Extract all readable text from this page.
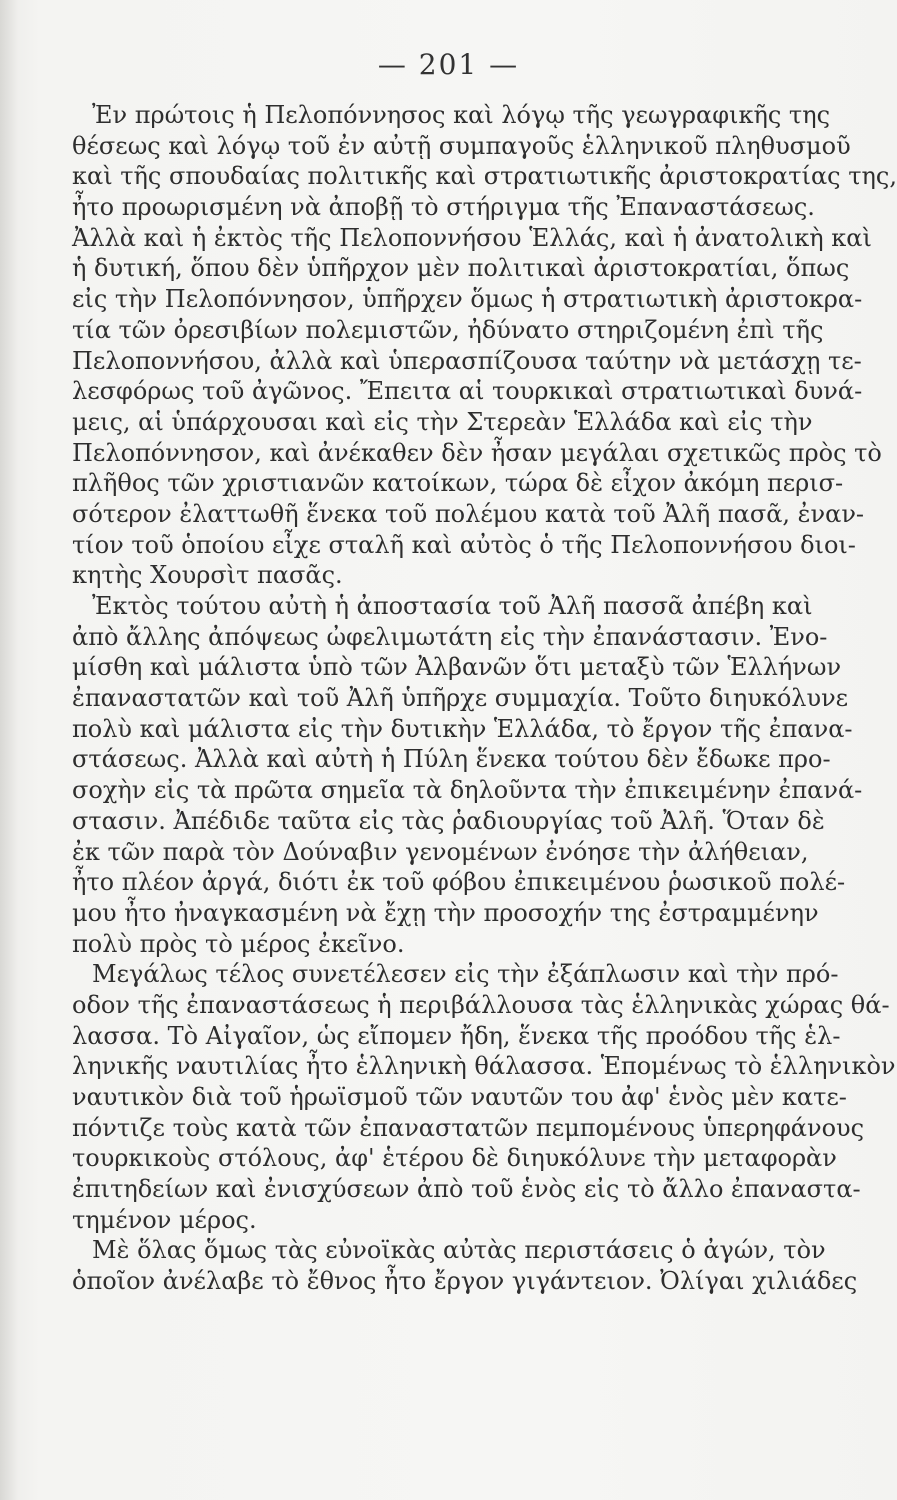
— 201 —
Ἐν πρώτοις ἡ Πελοπόννησος καὶ λόγῳ τῆς γεωγραφικῆς της
θέσεως καὶ λόγῳ τοῦ ἐν αὐτῇ συμπαγοῦς ἑλληνικοῦ πληθυσμοῦ
καὶ τῆς σπουδαίας πολιτικῆς καὶ στρατιωτικῆς ἀριστοκρατίας της,
ἦτο προωρισμένη νὰ ἀποβῇ τὸ στήριγμα τῆς Ἐπαναστάσεως.
Ἀλλὰ καὶ ἡ ἐκτὸς τῆς Πελοποννήσου Ἑλλάς, καὶ ἡ ἀνατολικὴ καὶ
ἡ δυτική, ὅπου δὲν ὑπῆρχον μὲν πολιτικαὶ ἀριστοκρατίαι, ὅπως
εἰς τὴν Πελοπόννησον, ὑπῆρχεν ὅμως ἡ στρατιωτικὴ ἀριστοκρα-
τία τῶν ὀρεσιβίων πολεμιστῶν, ἠδύνατο στηριζομένη ἐπὶ τῆς
Πελοποννήσου, ἀλλὰ καὶ ὑπερασπίζουσα ταύτην νὰ μετάσχῃ τε-
λεσφόρως τοῦ ἀγῶνος. Ἔπειτα αἱ τουρκικαὶ στρατιωτικαὶ δυνά-
μεις, αἱ ὑπάρχουσαι καὶ εἰς τὴν Στερεὰν Ἑλλάδα καὶ εἰς τὴν
Πελοπόννησον, καὶ ἀνέκαθεν δὲν ἦσαν μεγάλαι σχετικῶς πρὸς τὸ
πλῆθος τῶν χριστιανῶν κατοίκων, τώρα δὲ εἶχον ἀκόμη περισ-
σότερον ἐλαττωθῆ ἕνεκα τοῦ πολέμου κατὰ τοῦ Ἀλῆ πασᾶ, ἐναν-
τίον τοῦ ὁποίου εἶχε σταλῆ καὶ αὐτὸς ὁ τῆς Πελοποννήσου διοι-
κητὴς Χουρσὶτ πασᾶς.
Ἐκτὸς τούτου αὐτὴ ἡ ἀποστασία τοῦ Ἀλῆ πασσᾶ ἀπέβη καὶ
ἀπὸ ἄλλης ἀπόψεως ὠφελιμωτάτη εἰς τὴν ἐπανάστασιν. Ἐνο-
μίσθη καὶ μάλιστα ὑπὸ τῶν Ἀλβανῶν ὅτι μεταξὺ τῶν Ἑλλήνων
ἐπαναστατῶν καὶ τοῦ Ἀλῆ ὑπῆρχε συμμαχία. Τοῦτο διηυκόλυνε
πολὺ καὶ μάλιστα εἰς τὴν δυτικὴν Ἑλλάδα, τὸ ἔργον τῆς ἐπανα-
στάσεως. Ἀλλὰ καὶ αὐτὴ ἡ Πύλη ἕνεκα τούτου δὲν ἔδωκε προ-
σοχὴν εἰς τὰ πρῶτα σημεῖα τὰ δηλοῦντα τὴν ἐπικειμένην ἐπανά-
στασιν. Ἀπέδιδε ταῦτα εἰς τὰς ῥαδιουργίας τοῦ Ἀλῆ. Ὅταν δὲ
ἐκ τῶν παρὰ τὸν Δούναβιν γενομένων ἐνόησε τὴν ἀλήθειαν,
ἦτο πλέον ἀργά, διότι ἐκ τοῦ φόβου ἐπικειμένου ῥωσικοῦ πολέ-
μου ἦτο ἠναγκασμένη νὰ ἔχῃ τὴν προσοχήν της ἐστραμμένην
πολὺ πρὸς τὸ μέρος ἐκεῖνο.
Μεγάλως τέλος συνετέλεσεν εἰς τὴν ἐξάπλωσιν καὶ τὴν πρό-
οδον τῆς ἐπαναστάσεως ἡ περιβάλλουσα τὰς ἑλληνικὰς χώρας θά-
λασσα. Τὸ Αἰγαῖον, ὡς εἴπομεν ἤδη, ἕνεκα τῆς προόδου τῆς ἑλ-
ληνικῆς ναυτιλίας ἦτο ἑλληνικὴ θάλασσα. Ἑπομένως τὸ ἑλληνικὸν
ναυτικὸν διὰ τοῦ ἡρωϊσμοῦ τῶν ναυτῶν του ἀφ' ἑνὸς μὲν κατε-
πόντιζε τοὺς κατὰ τῶν ἐπαναστατῶν πεμπομένους ὑπερηφάνους
τουρκικοὺς στόλους, ἀφ' ἑτέρου δὲ διηυκόλυνε τὴν μεταφορὰν
ἐπιτηδείων καὶ ἐνισχύσεων ἀπὸ τοῦ ἑνὸς εἰς τὸ ἄλλο ἐπαναστα-
τημένον μέρος.
Μὲ ὅλας ὅμως τὰς εὐνοϊκὰς αὐτὰς περιστάσεις ὁ ἀγών, τὸν
ὁποῖον ἀνέλαβε τὸ ἔθνος ἦτο ἔργον γιγάντειον. Ὀλίγαι χιλιάδες
